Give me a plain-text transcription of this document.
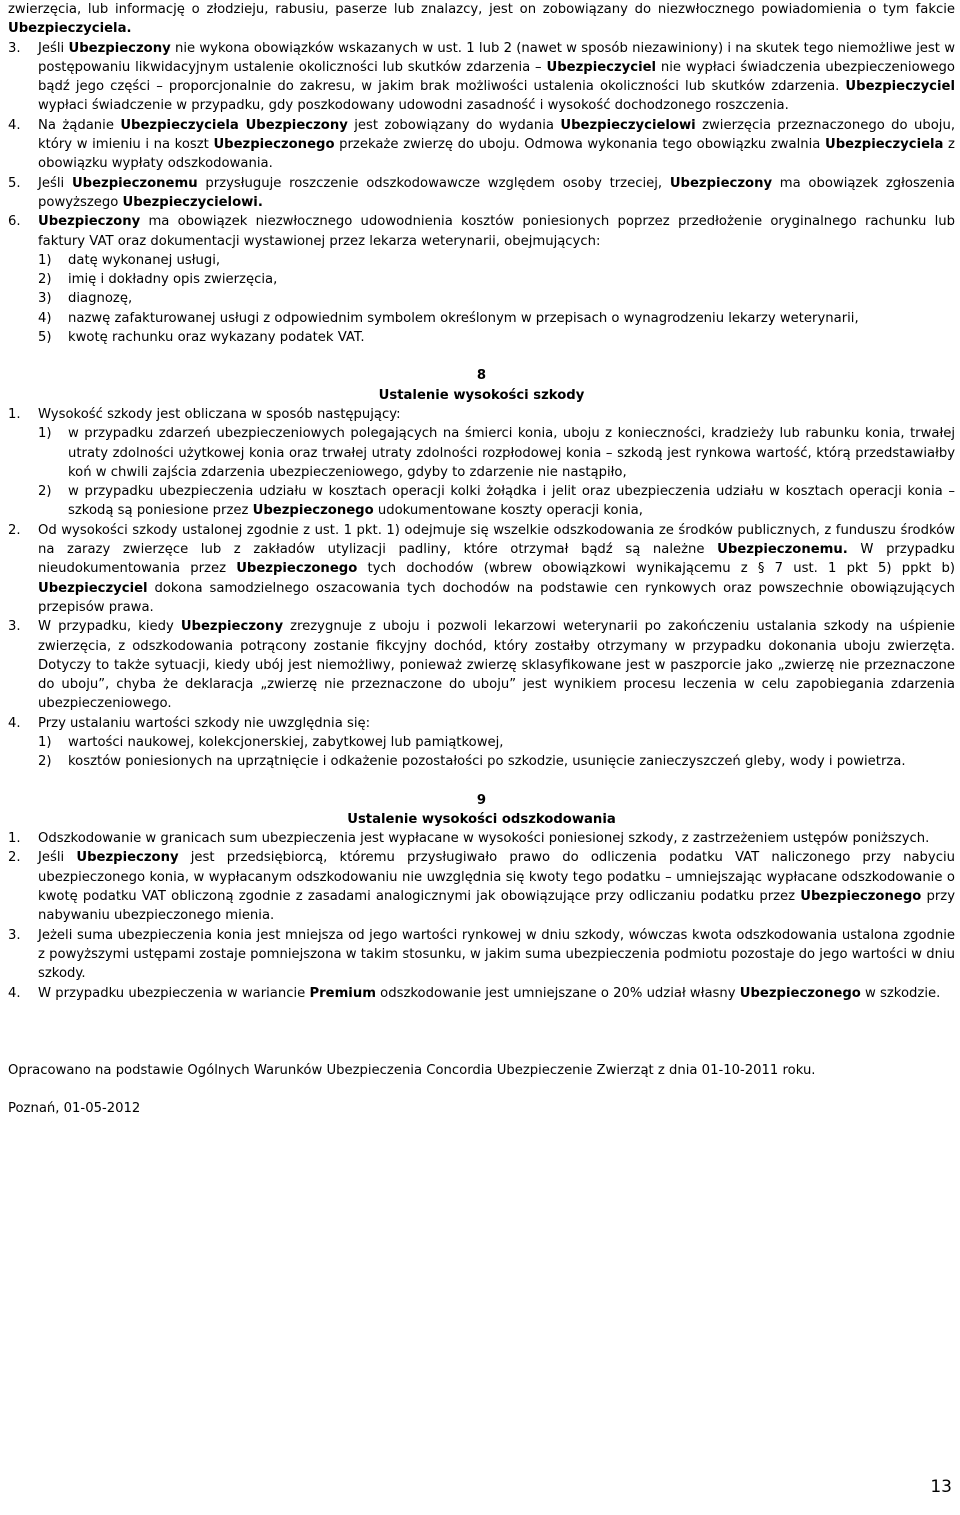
zwierzęcia, lub informację o złodzieju, rabusiu, paserze lub znalazcy, jest on zobowiązany do niezwłocznego powiadomienia o tym fakcie Ubezpieczyciela.

3.	Jeśli Ubezpieczony nie wykona obowiązków wskazanych w ust. 1 lub 2 (nawet w sposób niezawiniony) i na skutek tego niemożliwe jest w postępowaniu likwidacyjnym ustalenie okoliczności lub skutków zdarzenia – Ubezpieczyciel nie wypłaci świadczenia ubezpieczeniowego bądź jego części – proporcjonalnie do zakresu, w jakim brak możliwości ustalenia okoliczności lub skutków zdarzenia. Ubezpieczyciel wypłaci świadczenie w przypadku, gdy poszkodowany udowodni zasadność i wysokość dochodzonego roszczenia.
4.	Na żądanie Ubezpieczyciela Ubezpieczony jest zobowiązany do wydania Ubezpieczycielowi zwierzęcia przeznaczonego do uboju, który w imieniu i na koszt Ubezpieczonego przekaże zwierzę do uboju. Odmowa wykonania tego obowiązku zwalnia Ubezpieczyciela z obowiązku wypłaty odszkodowania.
5.	Jeśli Ubezpieczonemu przysługuje roszczenie odszkodowawcze względem osoby trzeciej, Ubezpieczony ma obowiązek zgłoszenia powyższego Ubezpieczycielowi.
6.	Ubezpieczony ma obowiązek niezwłocznego udowodnienia kosztów poniesionych poprzez przedłożenie oryginalnego rachunku lub faktury VAT oraz dokumentacji wystawionej przez lekarza weterynarii, obejmujących:
1)	datę wykonanej usługi,
2)	imię i dokładny opis zwierzęcia,
3)	diagnozę,
4)	nazwę zafakturowanej usługi z odpowiednim symbolem określonym w przepisach o wynagrodzeniu lekarzy weterynarii,
5)	kwotę rachunku oraz wykazany podatek VAT.

8

Ustalenie wysokości szkody

1.	Wysokość szkody jest obliczana w sposób następujący:
1)	w przypadku zdarzeń ubezpieczeniowych polegających na śmierci konia, uboju z konieczności, kradzieży lub rabunku konia, trwałej utraty zdolności użytkowej konia oraz trwałej utraty zdolności rozpłodowej konia – szkodą jest rynkowa wartość, którą przedstawiałby koń w chwili zajścia zdarzenia ubezpieczeniowego, gdyby to zdarzenie nie nastąpiło,
2)	w przypadku ubezpieczenia udziału w kosztach operacji kolki żołądka i jelit oraz ubezpieczenia udziału w kosztach operacji konia – szkodą są poniesione przez Ubezpieczonego udokumentowane koszty operacji konia,
2.	Od wysokości szkody ustalonej zgodnie z ust. 1 pkt. 1) odejmuje się wszelkie odszkodowania ze środków publicznych, z funduszu środków na zarazy zwierzęce lub z zakładów utylizacji padliny, które otrzymał bądź są należne Ubezpieczonemu. W przypadku nieudokumentowania przez Ubezpieczonego tych dochodów (wbrew obowiązkowi wynikającemu z § 7 ust. 1 pkt 5) ppkt b) Ubezpieczyciel dokona samodzielnego oszacowania tych dochodów na podstawie cen rynkowych oraz powszechnie obowiązujących przepisów prawa.
3.	W przypadku, kiedy Ubezpieczony zrezygnuje z uboju i pozwoli lekarzowi weterynarii po zakończeniu ustalania szkody na uśpienie zwierzęcia, z odszkodowania potrącony zostanie fikcyjny dochód, który zostałby otrzymany w przypadku dokonania uboju zwierzęta. Dotyczy to także sytuacji, kiedy ubój jest niemożliwy, ponieważ zwierzę sklasyfikowane jest w paszporcie jako „zwierzę nie przeznaczone do uboju”, chyba że deklaracja „zwierzę nie przeznaczone do uboju” jest wynikiem procesu leczenia w celu zapobiegania zdarzenia ubezpieczeniowego.
4.	Przy ustalaniu wartości szkody nie uwzględnia się:
1)	wartości naukowej, kolekcjonerskiej, zabytkowej lub pamiątkowej,
2)	kosztów poniesionych na uprzątnięcie i odkażenie pozostałości po szkodzie, usunięcie zanieczyszczeń gleby, wody i powietrza.

9

Ustalenie wysokości odszkodowania

1.	Odszkodowanie w granicach sum ubezpieczenia jest wypłacane w wysokości poniesionej szkody, z zastrzeżeniem ustępów poniższych.
2.	Jeśli Ubezpieczony jest przedsiębiorcą, któremu przysługiwało prawo do odliczenia podatku VAT naliczonego przy nabyciu ubezpieczonego konia, w wypłacanym odszkodowaniu nie uwzględnia się kwoty tego podatku – umniejszając wypłacane odszkodowanie o kwotę podatku VAT obliczoną zgodnie z zasadami analogicznymi jak obowiązujące przy odliczaniu podatku przez Ubezpieczonego przy nabywaniu ubezpieczonego mienia.
3.	Jeżeli suma ubezpieczenia konia jest mniejsza od jego wartości rynkowej w dniu szkody, wówczas kwota odszkodowania ustalona zgodnie z powyższymi ustępami zostaje pomniejszona w takim stosunku, w jakim suma ubezpieczenia podmiotu pozostaje do jego wartości w dniu szkody.
4.	W przypadku ubezpieczenia w wariancie Premium odszkodowanie jest umniejszane o 20% udział własny Ubezpieczonego w szkodzie.

Opracowano na podstawie Ogólnych Warunków Ubezpieczenia Concordia Ubezpieczenie Zwierząt z dnia 01-10-2011 roku.

Poznań, 01-05-2012

13
